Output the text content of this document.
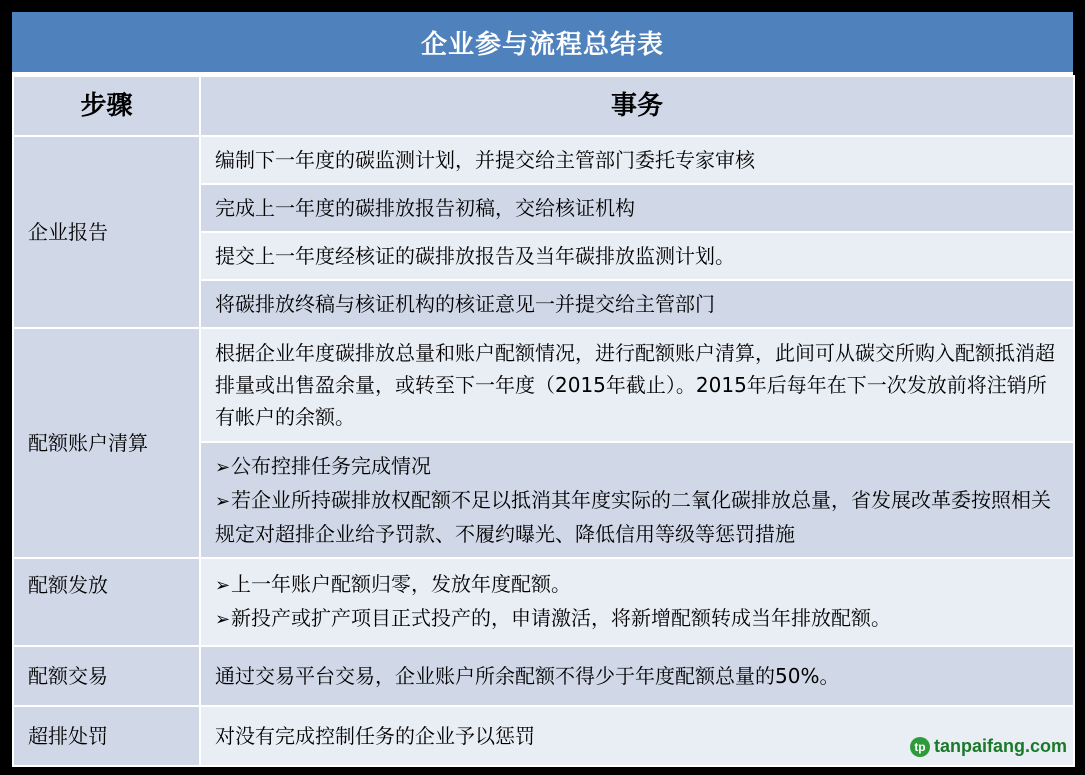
企业参与流程总结表
步骤	事务
企业报告	编制下一年度的碳监测计划，并提交给主管部门委托专家审核
	完成上一年度的碳排放报告初稿，交给核证机构
	提交上一年度经核证的碳排放报告及当年碳排放监测计划。
	将碳排放终稿与核证机构的核证意见一并提交给主管部门
配额账户清算	根据企业年度碳排放总量和账户配额情况，进行配额账户清算，此间可从碳交所购入配额抵消超排量或出售盈余量，或转至下一年度（2015年截止）。2015年后每年在下一次发放前将注销所有帐户的余额。

	➢公布控排任务完成情况
➢若企业所持碳排放权配额不足以抵消其年度实际的二氧化碳排放总量，省发展改革委按照相关规定对超排企业给予罚款、不履约曝光、降低信用等级等惩罚措施

配额发放	➢上一年账户配额归零，发放年度配额。
➢新投产或扩产项目正式投产的，申请激活，将新增配额转成当年排放配额。

配额交易	通过交易平台交易，企业账户所余配额不得少于年度配额总量的50%。
超排处罚	对没有完成控制任务的企业予以惩罚	tp tanpaifang.com
